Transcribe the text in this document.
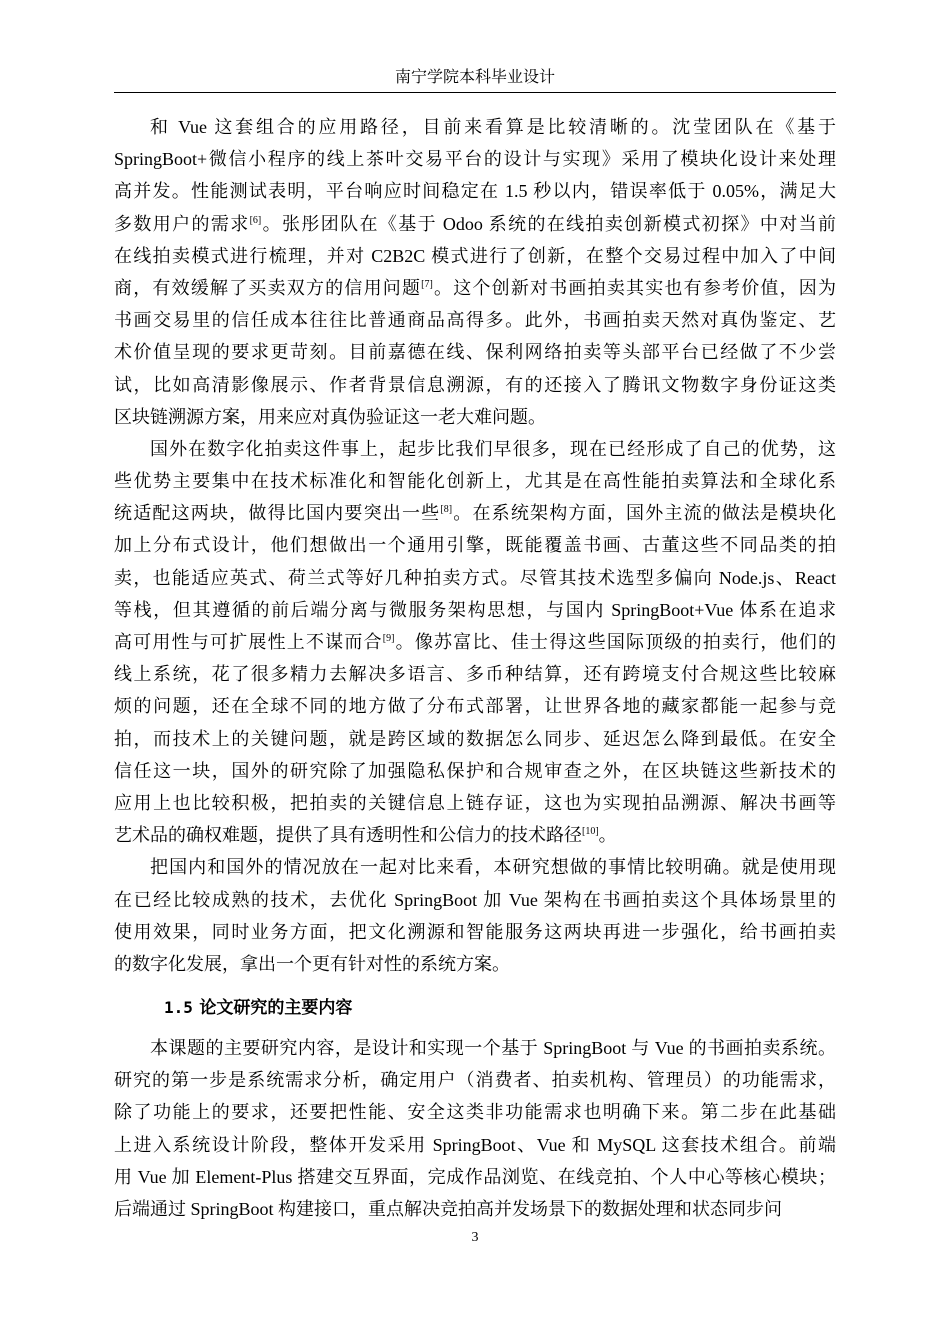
南宁学院本科毕业设计
和 Vue 这套组合的应用路径，目前来看算是比较清晰的。沈莹团队在《基于
SpringBoot+微信小程序的线上茶叶交易平台的设计与实现》采用了模块化设计来处理
高并发。性能测试表明，平台响应时间稳定在 1.5 秒以内，错误率低于 0.05%，满足大
多数用户的需求[6]。张彤团队在《基于 Odoo 系统的在线拍卖创新模式初探》中对当前
在线拍卖模式进行梳理，并对 C2B2C 模式进行了创新，在整个交易过程中加入了中间
商，有效缓解了买卖双方的信用问题[7]。这个创新对书画拍卖其实也有参考价值，因为
书画交易里的信任成本往往比普通商品高得多。此外，书画拍卖天然对真伪鉴定、艺
术价值呈现的要求更苛刻。目前嘉德在线、保利网络拍卖等头部平台已经做了不少尝
试，比如高清影像展示、作者背景信息溯源，有的还接入了腾讯文物数字身份证这类
区块链溯源方案，用来应对真伪验证这一老大难问题。
国外在数字化拍卖这件事上，起步比我们早很多，现在已经形成了自己的优势，这
些优势主要集中在技术标准化和智能化创新上，尤其是在高性能拍卖算法和全球化系
统适配这两块，做得比国内要突出一些[8]。在系统架构方面，国外主流的做法是模块化
加上分布式设计，他们想做出一个通用引擎，既能覆盖书画、古董这些不同品类的拍
卖，也能适应英式、荷兰式等好几种拍卖方式。尽管其技术选型多偏向 Node.js、React
等栈，但其遵循的前后端分离与微服务架构思想，与国内 SpringBoot+Vue 体系在追求
高可用性与可扩展性上不谋而合[9]。像苏富比、佳士得这些国际顶级的拍卖行，他们的
线上系统，花了很多精力去解决多语言、多币种结算，还有跨境支付合规这些比较麻
烦的问题，还在全球不同的地方做了分布式部署，让世界各地的藏家都能一起参与竞
拍，而技术上的关键问题，就是跨区域的数据怎么同步、延迟怎么降到最低。在安全
信任这一块，国外的研究除了加强隐私保护和合规审查之外，在区块链这些新技术的
应用上也比较积极，把拍卖的关键信息上链存证，这也为实现拍品溯源、解决书画等
艺术品的确权难题，提供了具有透明性和公信力的技术路径[10]。
把国内和国外的情况放在一起对比来看，本研究想做的事情比较明确。就是使用现
在已经比较成熟的技术，去优化 SpringBoot 加 Vue 架构在书画拍卖这个具体场景里的
使用效果，同时业务方面，把文化溯源和智能服务这两块再进一步强化，给书画拍卖
的数字化发展，拿出一个更有针对性的系统方案。
1.5 论文研究的主要内容
本课题的主要研究内容，是设计和实现一个基于 SpringBoot 与 Vue 的书画拍卖系统。
研究的第一步是系统需求分析，确定用户（消费者、拍卖机构、管理员）的功能需求，
除了功能上的要求，还要把性能、安全这类非功能需求也明确下来。第二步在此基础
上进入系统设计阶段，整体开发采用 SpringBoot、Vue 和 MySQL 这套技术组合。前端
用 Vue 加 Element-Plus 搭建交互界面，完成作品浏览、在线竞拍、个人中心等核心模块；
后端通过 SpringBoot 构建接口，重点解决竞拍高并发场景下的数据处理和状态同步问
3
